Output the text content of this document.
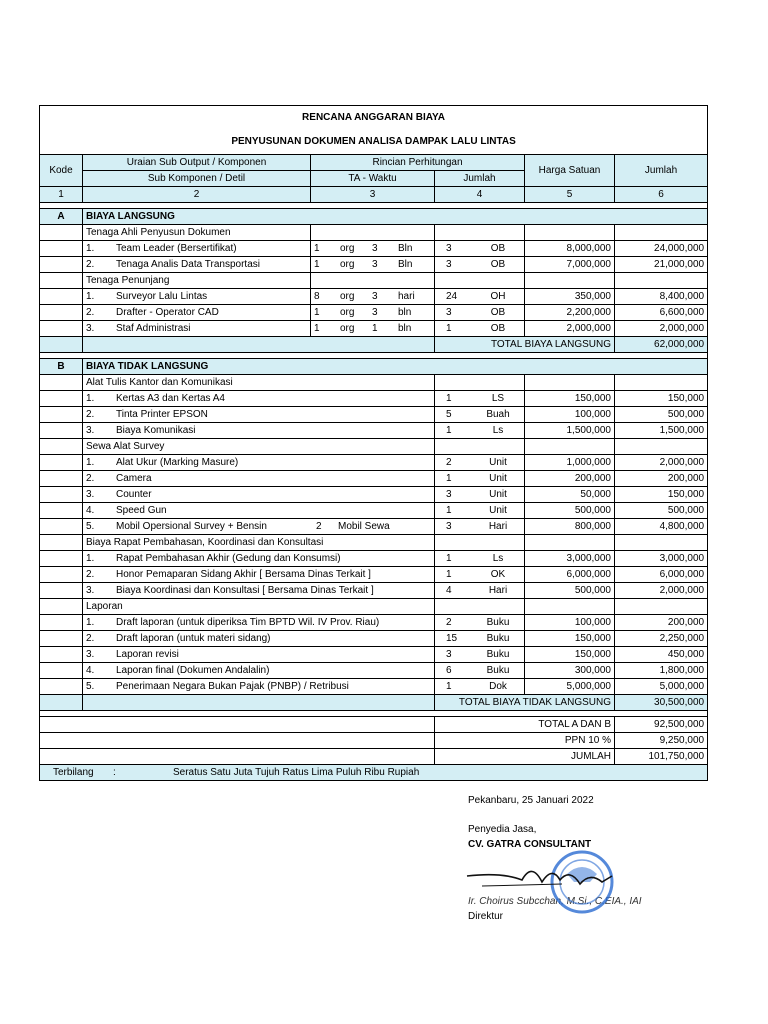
RENCANA ANGGARAN BIAYA					
PENYUSUNAN DOKUMEN ANALISA DAMPAK LALU LINTAS					
Kode	Uraian Sub Output / Komponen	Rincian Perhitungan		Harga Satuan	Jumlah
	Sub Komponen / Detil	TA - Waktu	Jumlah		
1	2	3	4	5	6

A	BIAYA LANGSUNG				
	Tenaga Ahli Penyusun Dokumen				

	1. Team Leader (Bersertifikat)	1 org 3 Bln	3 OB	8,000,000	24,000,000

	2. Tenaga Analis Data Transportasi	1 org 3 Bln	3 OB	7,000,000	21,000,000
	Tenaga Penunjang				

	1. Surveyor Lalu Lintas	8 org 3 hari	24 OH	350,000	8,400,000

	2. Drafter - Operator CAD	1 org 3 bln	3 OB	2,200,000	6,600,000

	3. Staf Administrasi	1 org 1 bln	1 OB	2,000,000	2,000,000
			TOTAL BIAYA LANGSUNG		62,000,000

B	BIAYA TIDAK LANGSUNG				
	Alat Tulis Kantor dan Komunikasi				

	1. Kertas A3 dan Kertas A4		1 LS	150,000	150,000

	2. Tinta Printer EPSON		5 Buah	100,000	500,000

	3. Biaya Komunikasi		1 Ls	1,500,000	1,500,000
	Sewa Alat Survey				

	1. Alat Ukur (Marking Masure)		2 Unit	1,000,000	2,000,000

	2. Camera		1 Unit	200,000	200,000

	3. Counter		3 Unit	50,000	150,000

	4. Speed Gun		1 Unit	500,000	500,000

	5. Mobil Opersional Survey + Bensin 2 Mobil Sewa		3 Hari	800,000	4,800,000
	Biaya Rapat Pembahasan, Koordinasi dan Konsultasi				

	1. Rapat Pembahasan Akhir (Gedung dan Konsumsi)		1 Ls	3,000,000	3,000,000

	2. Honor Pemaparan Sidang Akhir [ Bersama Dinas Terkait ]		1 OK	6,000,000	6,000,000

	3. Biaya Koordinasi dan Konsultasi [ Bersama Dinas Terkait ]		4 Hari	500,000	2,000,000
	Laporan				

	1. Draft laporan (untuk diperiksa Tim BPTD Wil. IV Prov. Riau)		2 Buku	100,000	200,000

	2. Draft laporan (untuk materi sidang)		15 Buku	150,000	2,250,000

	3. Laporan revisi		3 Buku	150,000	450,000

	4. Laporan final (Dokumen Andalalin)		6 Buku	300,000	1,800,000

	5. Penerimaan Negara Bukan Pajak (PNBP) / Retribusi		1 Dok	5,000,000	5,000,000
			TOTAL BIAYA TIDAK LANGSUNG		30,500,000

			TOTAL A DAN B		92,500,000
			PPN 10 %		9,250,000
			JUMLAH		101,750,000

Terbilang : Seratus Satu Juta Tujuh Ratus Lima Puluh Ribu Rupiah					
Pekanbaru, 25 Januari 2022
Penyedia Jasa,
CV. GATRA CONSULTANT
Ir. Choirus Subcchan, M.Si., C.EIA., IAI
Direktur
